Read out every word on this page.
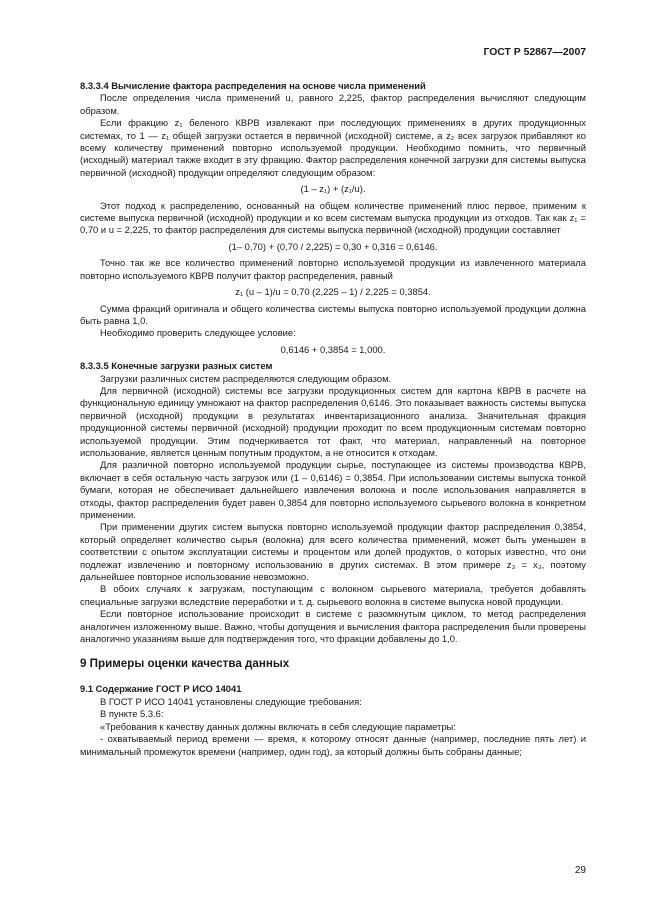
ГОСТ Р 52867—2007
8.3.3.4 Вычисление фактора распределения на основе числа применений
После определения числа применений u, равного 2,225, фактор распределения вычисляют следующим образом.
Если фракцию z₁ беленого КВРВ извлекают при последующих применениях в других продукционных системах, то 1 — z₁ общей загрузки остается в первичной (исходной) системе, а z₂ всех загрузок прибавляют ко всему количеству применений повторно используемой продукции. Необходимо помнить, что первичный (исходный) материал также входит в эту фракцию. Фактор распределения конечной загрузки для системы выпуска первичной (исходной) продукции определяют следующим образом:
(1 – z₁) + (z₁/u).
Этот подход к распределению, основанный на общем количестве применений плюс первое, применим к системе выпуска первичной (исходной) продукции и ко всем системам выпуска продукции из отходов. Так как z₁ = 0,70 и u = 2,225, то фактор распределения для системы выпуска первичной (исходной) продукции составляет
(1– 0,70) + (0,70 / 2,225) = 0,30 + 0,316 = 0,6146.
Точно так же все количество применений повторно используемой продукции из извлеченного материала повторно используемого КВРВ получит фактор распределения, равный
z₁ (u – 1)/u = 0,70 (2,225 – 1) / 2,225 = 0,3854.
Сумма фракций оригинала и общего количества системы выпуска повторно используемой продукции должна быть равна 1,0.
Необходимо проверить следующее условие:
0,6146 + 0,3854 = 1,000.
8.3.3.5 Конечные загрузки разных систем
Загрузки различных систем распределяются следующим образом.
Для первичной (исходной) системы все загрузки продукционных систем для картона КВРВ в расчете на функциональную единицу умножают на фактор распределения 0,6146. Это показывает важность системы выпуска первичной (исходной) продукции в результатах инвентаризационного анализа. Значительная фракция продукционной системы первичной (исходной) продукции проходит по всем продукционным системам повторно используемой продукции. Этим подчеркивается тот факт, что материал, направленный на повторное использование, является ценным попутным продуктом, а не относится к отходам.
Для различной повторно используемой продукции сырье, поступающее из системы производства КВРВ, включает в себя остальную часть загрузок или (1 – 0,6146) = 0,3854. При использовании системы выпуска тонкой бумаги, которая не обеспечивает дальнейшего извлечения волокна и после использования направляется в отходы, фактор распределения будет равен 0,3854 для повторно используемого сырьевого волокна в конкретном применении.
При применении других систем выпуска повторно используемой продукции фактор распределения 0,3854, который определяет количество сырья (волокна) для всего количества применений, может быть уменьшен в соответствии с опытом эксплуатации системы и процентом или долей продуктов, о которых известно, что они подлежат извлечению и повторному использованию в других системах. В этом примере z₃ = x₃, поэтому дальнейшее повторное использование невозможно.
В обоих случаях к загрузкам, поступающим с волокном сырьевого материала, требуется добавлять специальные загрузки вследствие переработки и т. д. сырьевого волокна в системе выпуска новой продукции.
Если повторное использование происходит в системе с разомкнутым циклом, то метод распределения аналогичен изложенному выше. Важно, чтобы допущения и вычисления фактора распределения были проверены аналогично указаниям выше для подтверждения того, что фракции добавлены до 1,0.
9 Примеры оценки качества данных
9.1 Содержание ГОСТ Р ИСО 14041
В ГОСТ Р ИСО 14041 установлены следующие требования:
В пункте 5.3.6:
«Требования к качеству данных должны включать в себя следующие параметры:
- охватываемый период времени — время, к которому относят данные (например, последние пять лет) и минимальный промежуток времени (например, один год), за который должны быть собраны данные;
29
